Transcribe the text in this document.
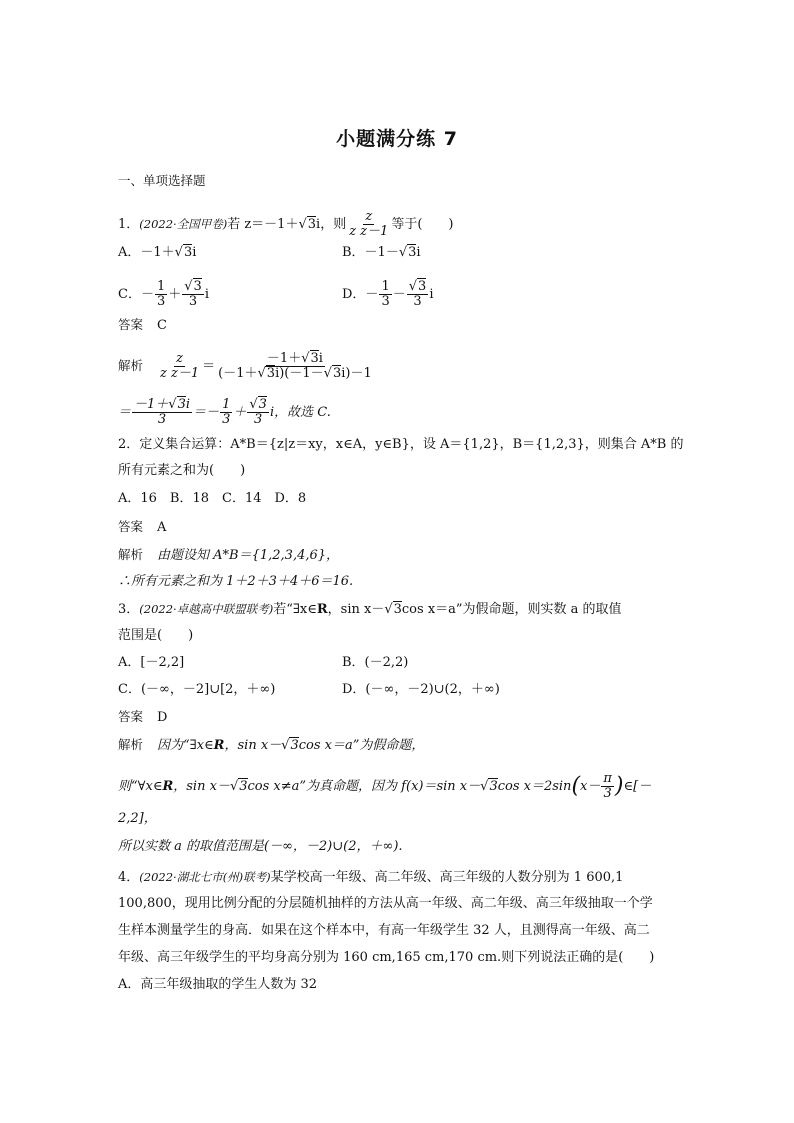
小题满分练 7
一、单项选择题
1．(2022·全国甲卷)若 z＝－1＋√3i，则 $\frac{z}{\text{z z－1}}$ 等于(　　)
A．－1＋√3i	B．－1－√3i
C．－ $\frac{1}{3} + \frac{√3}{3}$ i	D．－ $\frac{1}{3} - \frac{√3}{3}$ i
答案 C
解析 $\frac{z}{\text{z z－1}} = \frac{-1+√3i}{(-1+√3i)(-1-√3i)-1}$
＝ $\frac{-1+√3i}{3} =- \frac{1}{3} + \frac{√3}{3}$ i，故选 C.
2．定义集合运算：A*B＝{z|z＝xy，x∈A，y∈B}，设 A＝{1,2}，B＝{1,2,3}，则集合 A*B 的
所有元素之和为(　　)
A．16　B．18　C．14　D．8
答案 A
解析 由题设知 A*B＝{1,2,3,4,6}，
∴所有元素之和为 1＋2＋3＋4＋6＝16.
3．(2022·卓越高中联盟联考)若“∃x∈R，sin x－√3cos x＝a”为假命题，则实数 a 的取值
范围是(　　)
A．[－2,2]	B．(－2,2)
C．(－∞，－2]∪[2，＋∞)	D．(－∞，－2)∪(2，＋∞)
答案 D
解析 因为“∃x∈R，sin x－√3cos x＝a”为假命题，
则“∀x∈R，sin x－√3cos x≠a”为真命题，因为 f(x)＝sin x－√3cos $x=2\sin(x- \frac{\pi}{3}$ )∈[－
2,2]，
所以实数 a 的取值范围是(－∞，－2)∪(2，＋∞).
4．(2022·湖北七市(州)联考)某学校高一年级、高二年级、高三年级的人数分别为 1 600,1
100,800，现用比例分配的分层随机抽样的方法从高一年级、高二年级、高三年级抽取一个学
生样本测量学生的身高．如果在这个样本中，有高一年级学生 32 人，且测得高一年级、高二
年级、高三年级学生的平均身高分别为 160 cm,165 cm,170 cm.则下列说法正确的是(　　)
A．高三年级抽取的学生人数为 32
